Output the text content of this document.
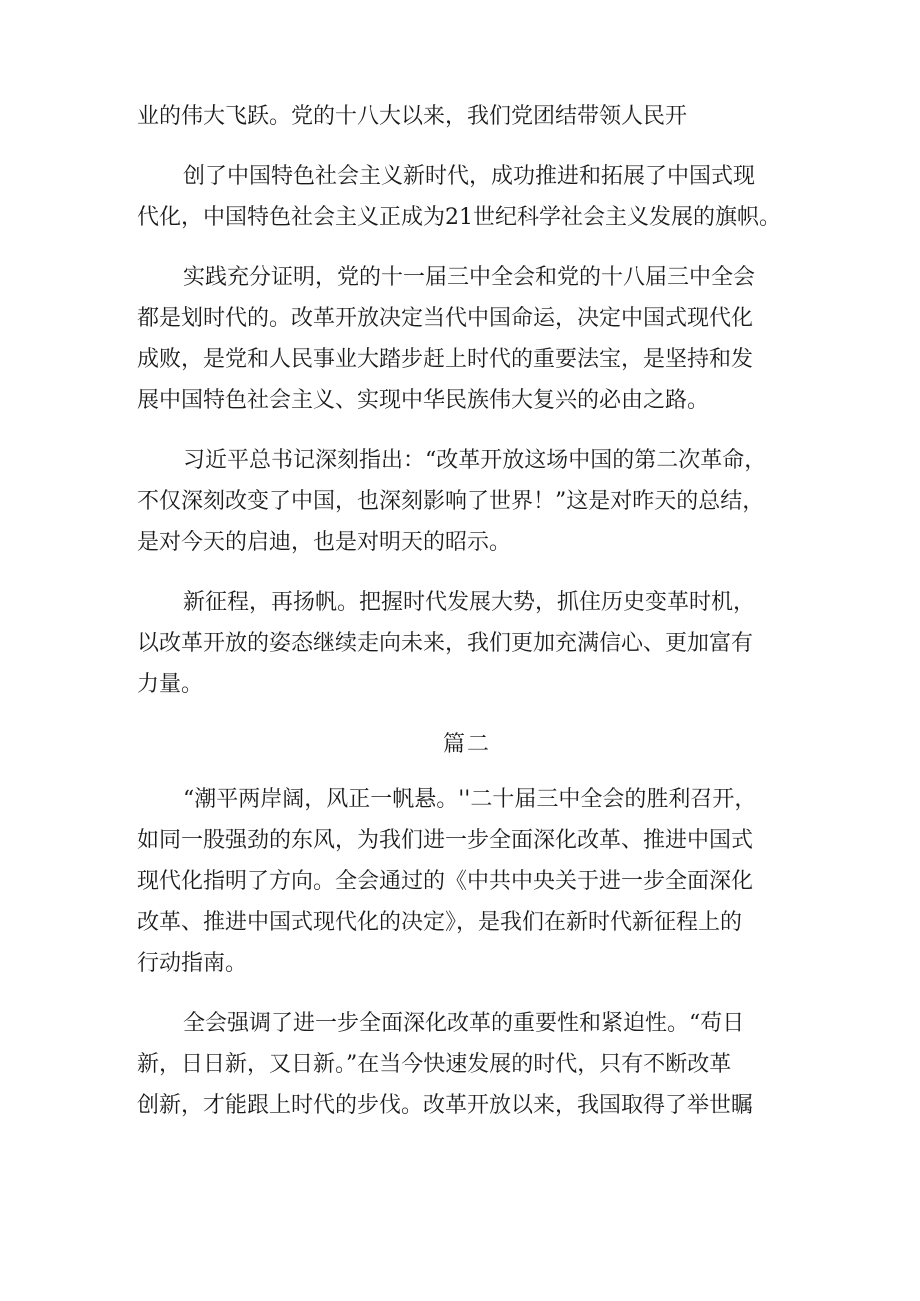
业的伟大飞跃。党的十八大以来，我们党团结带领人民开
创了中国特色社会主义新时代，成功推进和拓展了中国式现
代化，中国特色社会主义正成为21世纪科学社会主义发展的旗帜。
实践充分证明，党的十一届三中全会和党的十八届三中全会
都是划时代的。改革开放决定当代中国命运，决定中国式现代化
成败，是党和人民事业大踏步赶上时代的重要法宝，是坚持和发
展中国特色社会主义、实现中华民族伟大复兴的必由之路。
习近平总书记深刻指出：“改革开放这场中国的第二次革命，
不仅深刻改变了中国，也深刻影响了世界！”这是对昨天的总结，
是对今天的启迪，也是对明天的昭示。
新征程，再扬帆。把握时代发展大势，抓住历史变革时机，
以改革开放的姿态继续走向未来，我们更加充满信心、更加富有
力量。
篇二
“潮平两岸阔，风正一帆悬。''二十届三中全会的胜利召开，
如同一股强劲的东风，为我们进一步全面深化改革、推进中国式
现代化指明了方向。全会通过的《中共中央关于进一步全面深化
改革、推进中国式现代化的决定》，是我们在新时代新征程上的
行动指南。
全会强调了进一步全面深化改革的重要性和紧迫性。“苟日
新，日日新，又日新。”在当今快速发展的时代，只有不断改革
创新，才能跟上时代的步伐。改革开放以来，我国取得了举世瞩
